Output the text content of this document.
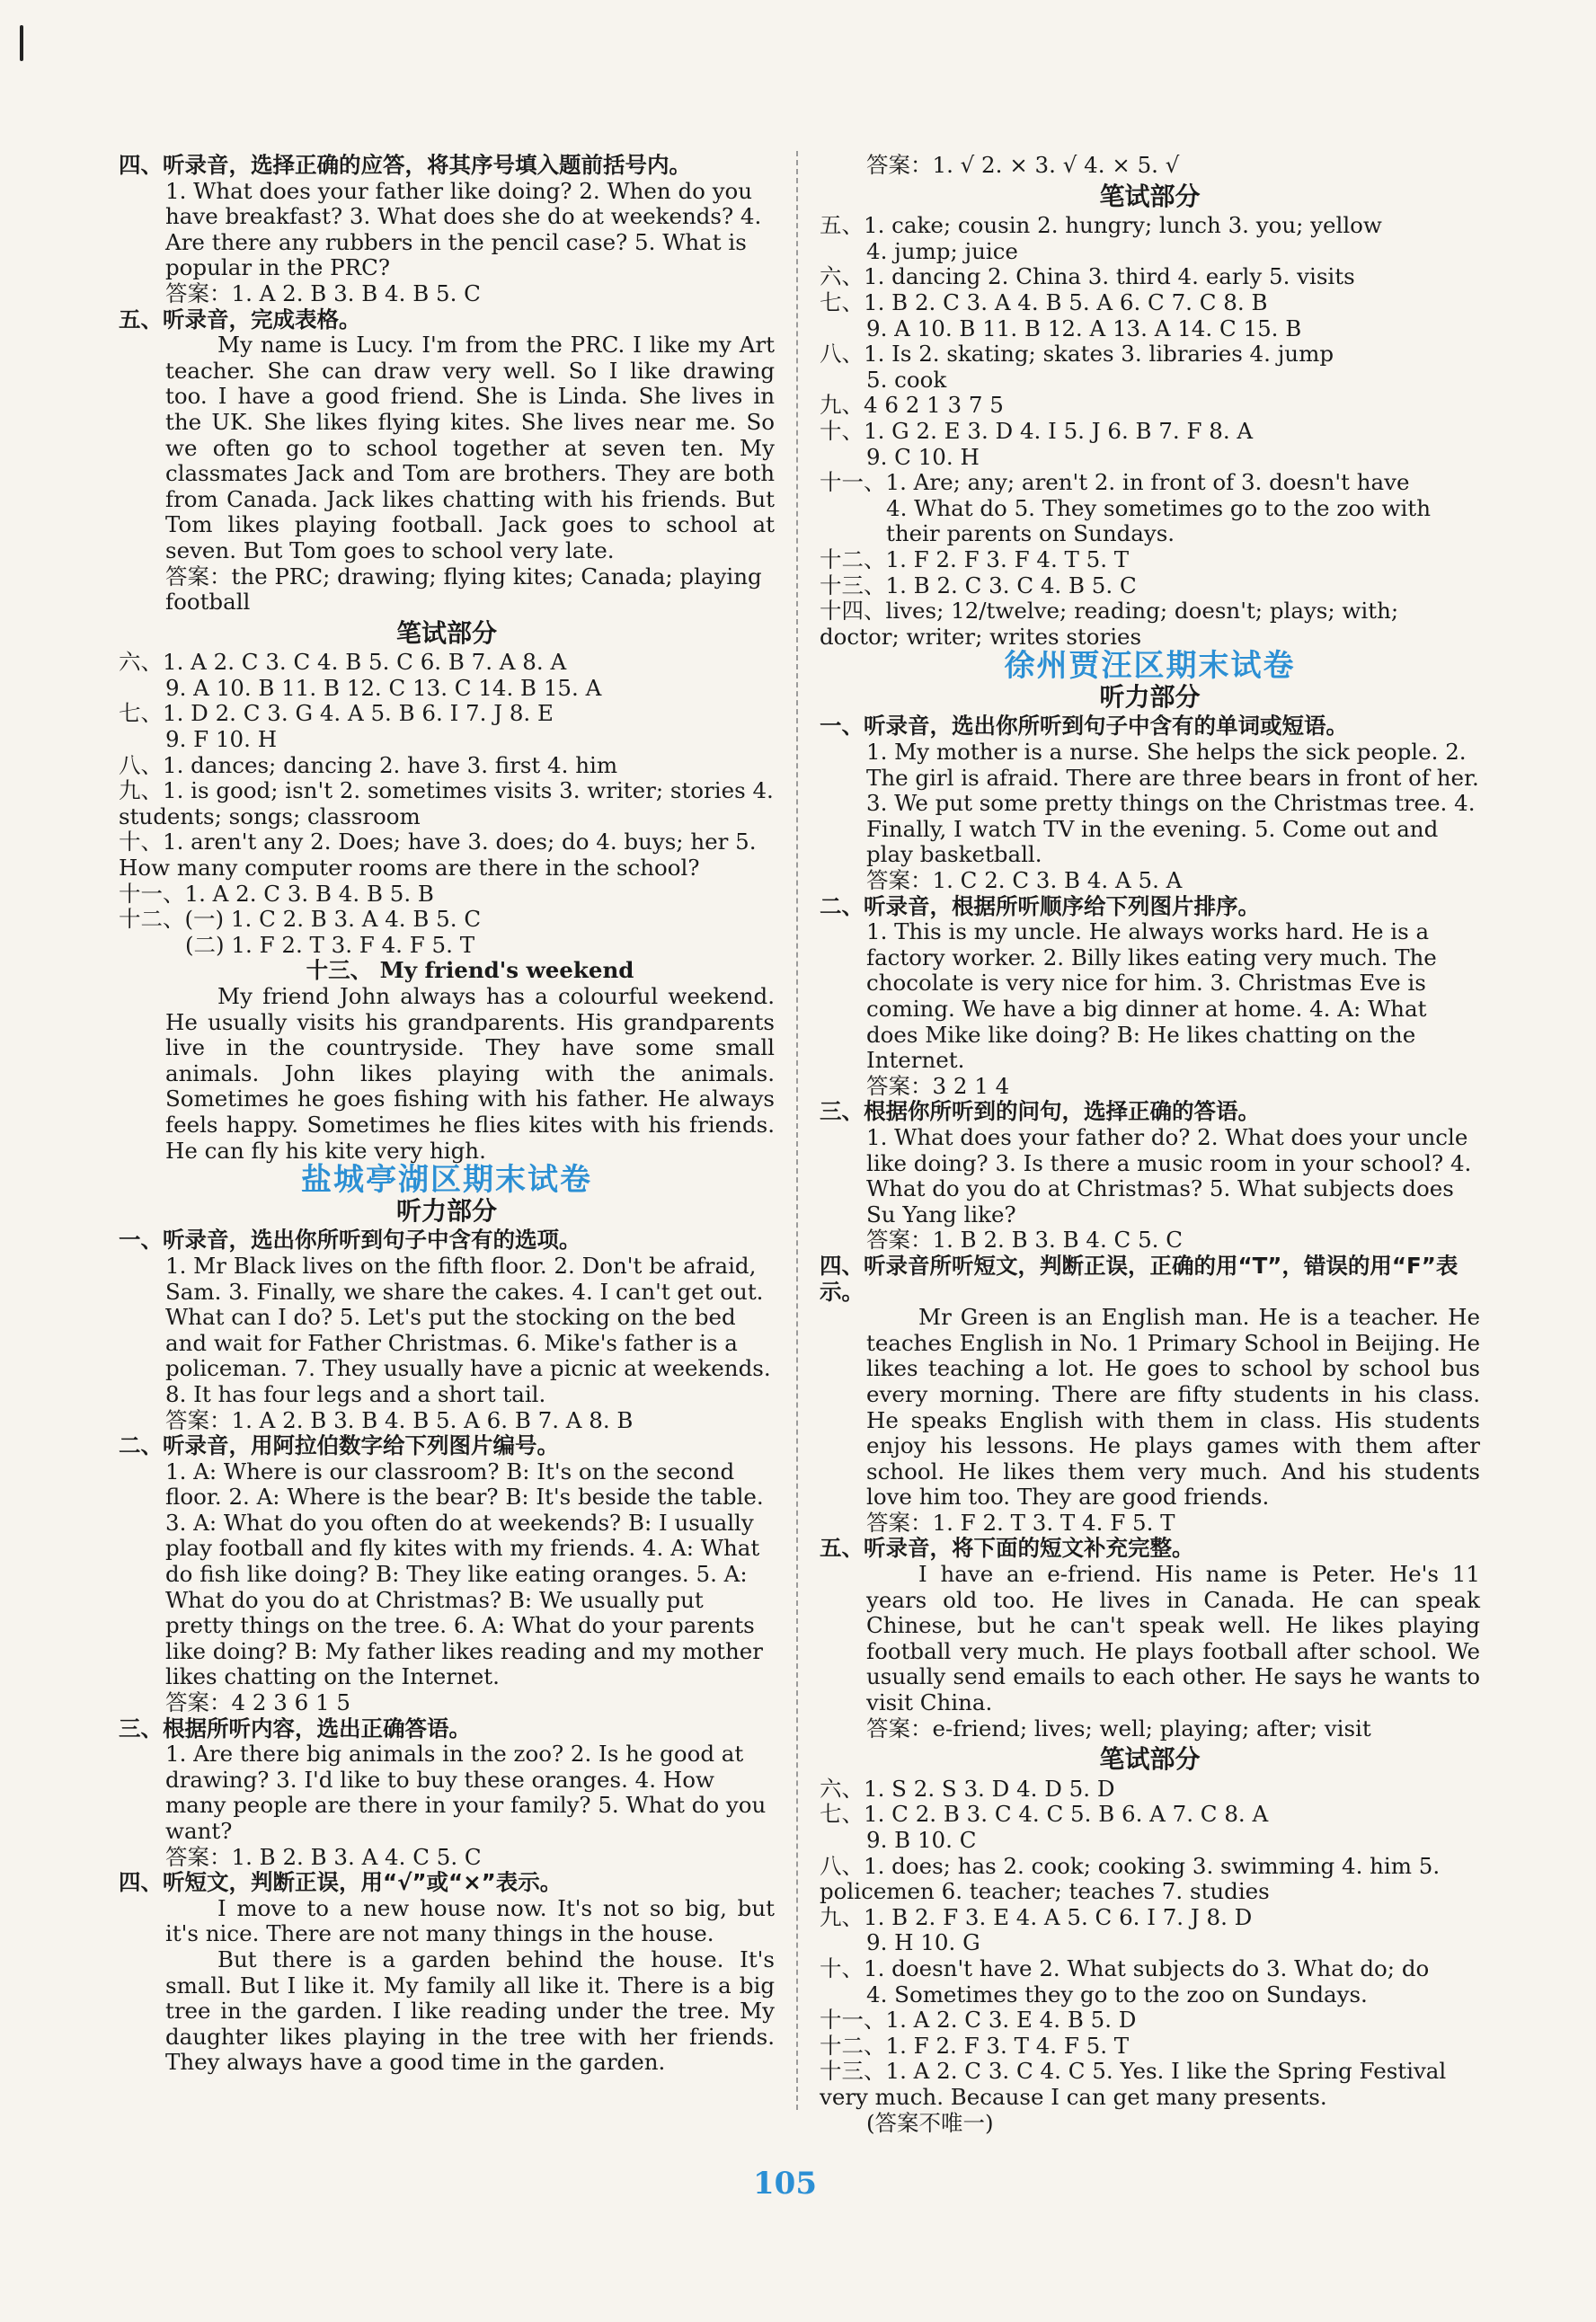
四、听录音，选择正确的应答，将其序号填入题前括号内。
1. What does your father like doing? 2. When do you have breakfast? 3. What does she do at weekends? 4. Are there any rubbers in the pencil case? 5. What is popular in the PRC?
答案：1. A 2. B 3. B 4. B 5. C
五、听录音，完成表格。
My name is Lucy. I'm from the PRC. I like my Art teacher. She can draw very well. So I like drawing too. I have a good friend. She is Linda. She lives in the UK. She likes flying kites. She lives near me. So we often go to school together at seven ten. My classmates Jack and Tom are brothers. They are both from Canada. Jack likes chatting with his friends. But Tom likes playing football. Jack goes to school at seven. But Tom goes to school very late.
答案：the PRC; drawing; flying kites; Canada; playing football
笔试部分
六、1. A 2. C 3. C 4. B 5. C 6. B 7. A 8. A
9. A 10. B 11. B 12. C 13. C 14. B 15. A
七、1. D 2. C 3. G 4. A 5. B 6. I 7. J 8. E
9. F 10. H
八、1. dances; dancing 2. have 3. first 4. him
九、1. is good; isn't 2. sometimes visits 3. writer; stories 4. students; songs; classroom
十、1. aren't any 2. Does; have 3. does; do 4. buys; her 5. How many computer rooms are there in the school?
十一、1. A 2. C 3. B 4. B 5. B
十二、(一) 1. C 2. B 3. A 4. B 5. C
(二) 1. F 2. T 3. F 4. F 5. T
十三、 My friend's weekend
My friend John always has a colourful weekend. He usually visits his grandparents. His grandparents live in the countryside. They have some small animals. John likes playing with the animals. Sometimes he goes fishing with his father. He always feels happy. Sometimes he flies kites with his friends. He can fly his kite very high.
盐城亭湖区期末试卷
听力部分
一、听录音，选出你所听到句子中含有的选项。
1. Mr Black lives on the fifth floor. 2. Don't be afraid, Sam. 3. Finally, we share the cakes. 4. I can't get out. What can I do? 5. Let's put the stocking on the bed and wait for Father Christmas. 6. Mike's father is a policeman. 7. They usually have a picnic at weekends. 8. It has four legs and a short tail.
答案：1. A 2. B 3. B 4. B 5. A 6. B 7. A 8. B
二、听录音，用阿拉伯数字给下列图片编号。
1. A: Where is our classroom? B: It's on the second floor. 2. A: Where is the bear? B: It's beside the table. 3. A: What do you often do at weekends? B: I usually play football and fly kites with my friends. 4. A: What do fish like doing? B: They like eating oranges. 5. A: What do you do at Christmas? B: We usually put pretty things on the tree. 6. A: What do your parents like doing? B: My father likes reading and my mother likes chatting on the Internet.
答案：4 2 3 6 1 5
三、根据所听内容，选出正确答语。
1. Are there big animals in the zoo? 2. Is he good at drawing? 3. I'd like to buy these oranges. 4. How many people are there in your family? 5. What do you want?
答案：1. B 2. B 3. A 4. C 5. C
四、听短文，判断正误，用“√”或“×”表示。
I move to a new house now. It's not so big, but it's nice. There are not many things in the house.
But there is a garden behind the house. It's small. But I like it. My family all like it. There is a big tree in the garden. I like reading under the tree. My daughter likes playing in the tree with her friends. They always have a good time in the garden.
答案：1. √ 2. × 3. √ 4. × 5. √
笔试部分
五、1. cake; cousin 2. hungry; lunch 3. you; yellow
4. jump; juice
六、1. dancing 2. China 3. third 4. early 5. visits
七、1. B 2. C 3. A 4. B 5. A 6. C 7. C 8. B
9. A 10. B 11. B 12. A 13. A 14. C 15. B
八、1. Is 2. skating; skates 3. libraries 4. jump
5. cook
九、4 6 2 1 3 7 5
十、1. G 2. E 3. D 4. I 5. J 6. B 7. F 8. A
9. C 10. H
十一、1. Are; any; aren't 2. in front of 3. doesn't have
4. What do 5. They sometimes go to the zoo with their parents on Sundays.
十二、1. F 2. F 3. F 4. T 5. T
十三、1. B 2. C 3. C 4. B 5. C
十四、lives; 12/twelve; reading; doesn't; plays; with; doctor; writer; writes stories
徐州贾汪区期末试卷
听力部分
一、听录音，选出你所听到句子中含有的单词或短语。
1. My mother is a nurse. She helps the sick people. 2. The girl is afraid. There are three bears in front of her. 3. We put some pretty things on the Christmas tree. 4. Finally, I watch TV in the evening. 5. Come out and play basketball.
答案：1. C 2. C 3. B 4. A 5. A
二、听录音，根据所听顺序给下列图片排序。
1. This is my uncle. He always works hard. He is a factory worker. 2. Billy likes eating very much. The chocolate is very nice for him. 3. Christmas Eve is coming. We have a big dinner at home. 4. A: What does Mike like doing? B: He likes chatting on the Internet.
答案：3 2 1 4
三、根据你所听到的问句，选择正确的答语。
1. What does your father do? 2. What does your uncle like doing? 3. Is there a music room in your school? 4. What do you do at Christmas? 5. What subjects does Su Yang like?
答案：1. B 2. B 3. B 4. C 5. C
四、听录音所听短文，判断正误，正确的用“T”，错误的用“F”表示。
Mr Green is an English man. He is a teacher. He teaches English in No. 1 Primary School in Beijing. He likes teaching a lot. He goes to school by school bus every morning. There are fifty students in his class. He speaks English with them in class. His students enjoy his lessons. He plays games with them after school. He likes them very much. And his students love him too. They are good friends.
答案：1. F 2. T 3. T 4. F 5. T
五、听录音，将下面的短文补充完整。
I have an e-friend. His name is Peter. He's 11 years old too. He lives in Canada. He can speak Chinese, but he can't speak well. He likes playing football very much. He plays football after school. We usually send emails to each other. He says he wants to visit China.
答案：e-friend; lives; well; playing; after; visit
笔试部分
六、1. S 2. S 3. D 4. D 5. D
七、1. C 2. B 3. C 4. C 5. B 6. A 7. C 8. A
9. B 10. C
八、1. does; has 2. cook; cooking 3. swimming 4. him 5. policemen 6. teacher; teaches 7. studies
九、1. B 2. F 3. E 4. A 5. C 6. I 7. J 8. D
9. H 10. G
十、1. doesn't have 2. What subjects do 3. What do; do
4. Sometimes they go to the zoo on Sundays.
十一、1. A 2. C 3. E 4. B 5. D
十二、1. F 2. F 3. T 4. F 5. T
十三、1. A 2. C 3. C 4. C 5. Yes. I like the Spring Festival very much. Because I can get many presents.
(答案不唯一)
105
